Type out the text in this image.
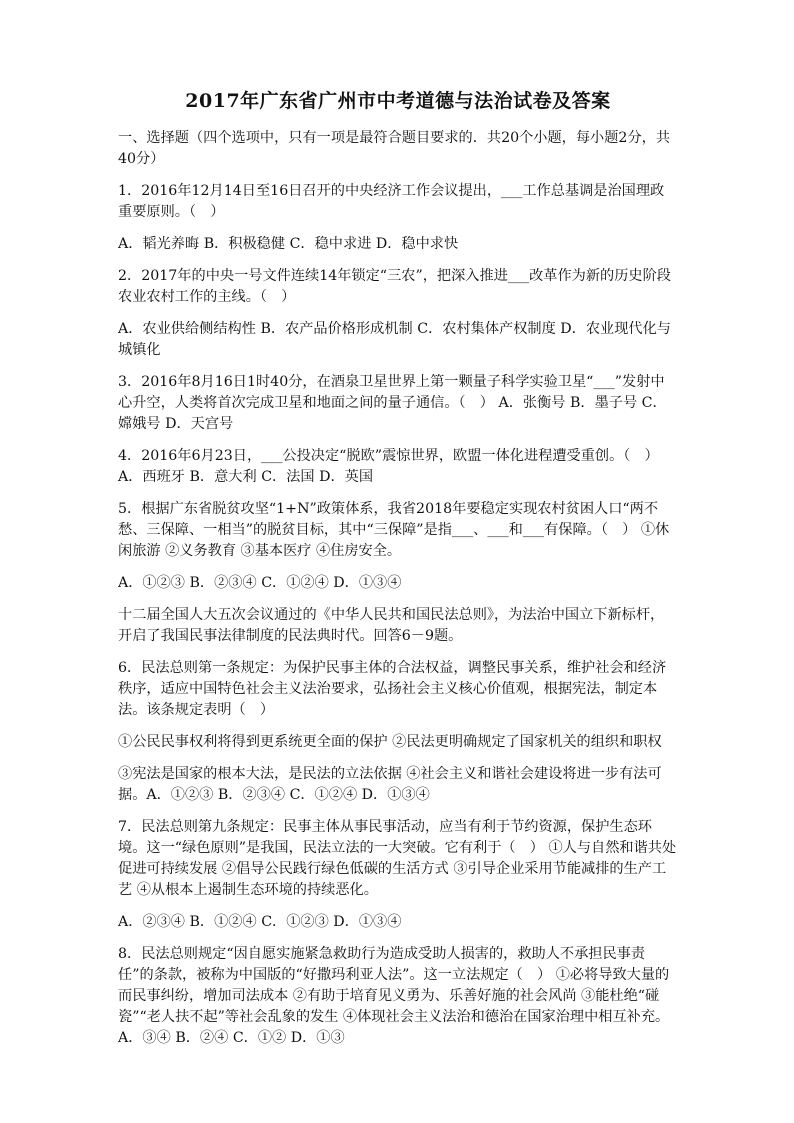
2017年广东省广州市中考道德与法治试卷及答案
一、选择题（四个选项中，只有一项是最符合题目要求的．共20个小题，每小题2分，共40分）
1．2016年12月14日至16日召开的中央经济工作会议提出，___工作总基调是治国理政重要原则。（　）
A．韬光养晦 B．积极稳健 C．稳中求进 D．稳中求快
2．2017年的中央一号文件连续14年锁定“三农”，把深入推进___改革作为新的历史阶段农业农村工作的主线。（　）
A．农业供给侧结构性 B．农产品价格形成机制 C．农村集体产权制度 D．农业现代化与城镇化
3．2016年8月16日1时40分，在酒泉卫星世界上第一颗量子科学实验卫星“___”发射中心升空，人类将首次完成卫星和地面之间的量子通信。（　） A．张衡号 B．墨子号 C．嫦娥号 D．天宫号
4．2016年6月23日，___公投决定“脱欧”震惊世界，欧盟一体化进程遭受重创。（　） A．西班牙 B．意大利 C．法国 D．英国
5．根据广东省脱贫攻坚“1+N”政策体系，我省2018年要稳定实现农村贫困人口“两不愁、三保障、一相当”的脱贫目标，其中“三保障”是指___、___和___有保障。（　） ①休闲旅游 ②义务教育 ③基本医疗 ④住房安全。
A．①②③ B．②③④ C．①②④ D．①③④
十二届全国人大五次会议通过的《中华人民共和国民法总则》，为法治中国立下新标杆，开启了我国民事法律制度的民法典时代。回答6－9题。
6．民法总则第一条规定：为保护民事主体的合法权益，调整民事关系，维护社会和经济秩序，适应中国特色社会主义法治要求，弘扬社会主义核心价值观，根据宪法，制定本法。该条规定表明（　）
①公民民事权利将得到更系统更全面的保护 ②民法更明确规定了国家机关的组织和职权
③宪法是国家的根本大法，是民法的立法依据 ④社会主义和谐社会建设将进一步有法可据。A．①②③ B．②③④ C．①②④ D．①③④
7．民法总则第九条规定：民事主体从事民事活动，应当有利于节约资源，保护生态环境。这一“绿色原则”是我国，民法立法的一大突破。它有利于（　） ①人与自然和谐共处促进可持续发展 ②倡导公民践行绿色低碳的生活方式 ③引导企业采用节能减排的生产工艺 ④从根本上遏制生态环境的持续恶化。
A．②③④ B．①②④ C．①②③ D．①③④
8．民法总则规定“因自愿实施紧急救助行为造成受助人损害的，救助人不承担民事责任”的条款，被称为中国版的“好撒玛利亚人法”。这一立法规定（　） ①必将导致大量的而民事纠纷，增加司法成本 ②有助于培育见义勇为、乐善好施的社会风尚 ③能杜绝“碰瓷”“老人扶不起”等社会乱象的发生 ④体现社会主义法治和德治在国家治理中相互补充。 A．③④ B．②④ C．①② D．①③
